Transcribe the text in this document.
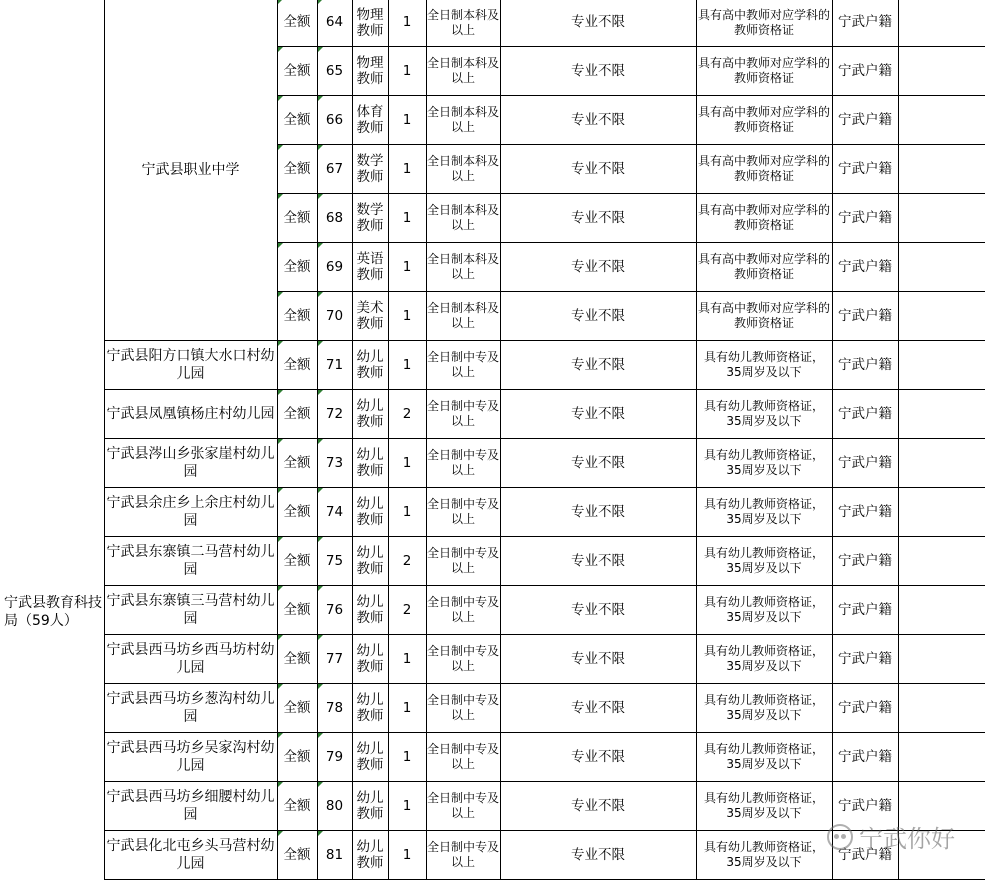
宁武县教育科技局（59人）	宁武县职业中学	全额	64	物理教师	1	全日制本科及以上	专业不限	具有高中教师对应学科的教师资格证	宁武户籍	

全额	65	物理教师	1	全日制本科及以上	专业不限	具有高中教师对应学科的教师资格证	宁武户籍	

全额	66	体育教师	1	全日制本科及以上	专业不限	具有高中教师对应学科的教师资格证	宁武户籍	

全额	67	数学教师	1	全日制本科及以上	专业不限	具有高中教师对应学科的教师资格证	宁武户籍	

全额	68	数学教师	1	全日制本科及以上	专业不限	具有高中教师对应学科的教师资格证	宁武户籍	

全额	69	英语教师	1	全日制本科及以上	专业不限	具有高中教师对应学科的教师资格证	宁武户籍	

全额	70	美术教师	1	全日制本科及以上	专业不限	具有高中教师对应学科的教师资格证	宁武户籍	
	宁武县阳方口镇大水口村幼儿园	全额	71	幼儿教师	1	全日制中专及以上	专业不限	具有幼儿教师资格证，35周岁及以下	宁武户籍	
	宁武县凤凰镇杨庄村幼儿园	全额	72	幼儿教师	2	全日制中专及以上	专业不限	具有幼儿教师资格证，35周岁及以下	宁武户籍	
	宁武县涔山乡张家崖村幼儿园	全额	73	幼儿教师	1	全日制中专及以上	专业不限	具有幼儿教师资格证，35周岁及以下	宁武户籍	
	宁武县余庄乡上余庄村幼儿园	全额	74	幼儿教师	1	全日制中专及以上	专业不限	具有幼儿教师资格证，35周岁及以下	宁武户籍	
	宁武县东寨镇二马营村幼儿园	全额	75	幼儿教师	2	全日制中专及以上	专业不限	具有幼儿教师资格证，35周岁及以下	宁武户籍	
	宁武县东寨镇三马营村幼儿园	全额	76	幼儿教师	2	全日制中专及以上	专业不限	具有幼儿教师资格证，35周岁及以下	宁武户籍	
	宁武县西马坊乡西马坊村幼儿园	全额	77	幼儿教师	1	全日制中专及以上	专业不限	具有幼儿教师资格证，35周岁及以下	宁武户籍	
	宁武县西马坊乡葱沟村幼儿园	全额	78	幼儿教师	1	全日制中专及以上	专业不限	具有幼儿教师资格证，35周岁及以下	宁武户籍	
	宁武县西马坊乡吴家沟村幼儿园	全额	79	幼儿教师	1	全日制中专及以上	专业不限	具有幼儿教师资格证，35周岁及以下	宁武户籍	
	宁武县西马坊乡细腰村幼儿园	全额	80	幼儿教师	1	全日制中专及以上	专业不限	具有幼儿教师资格证，35周岁及以下	宁武户籍	
	宁武县化北屯乡头马营村幼儿园	全额	81	幼儿教师	1	全日制中专及以上	专业不限	具有幼儿教师资格证，35周岁及以下	宁武户籍	
宁武你好
